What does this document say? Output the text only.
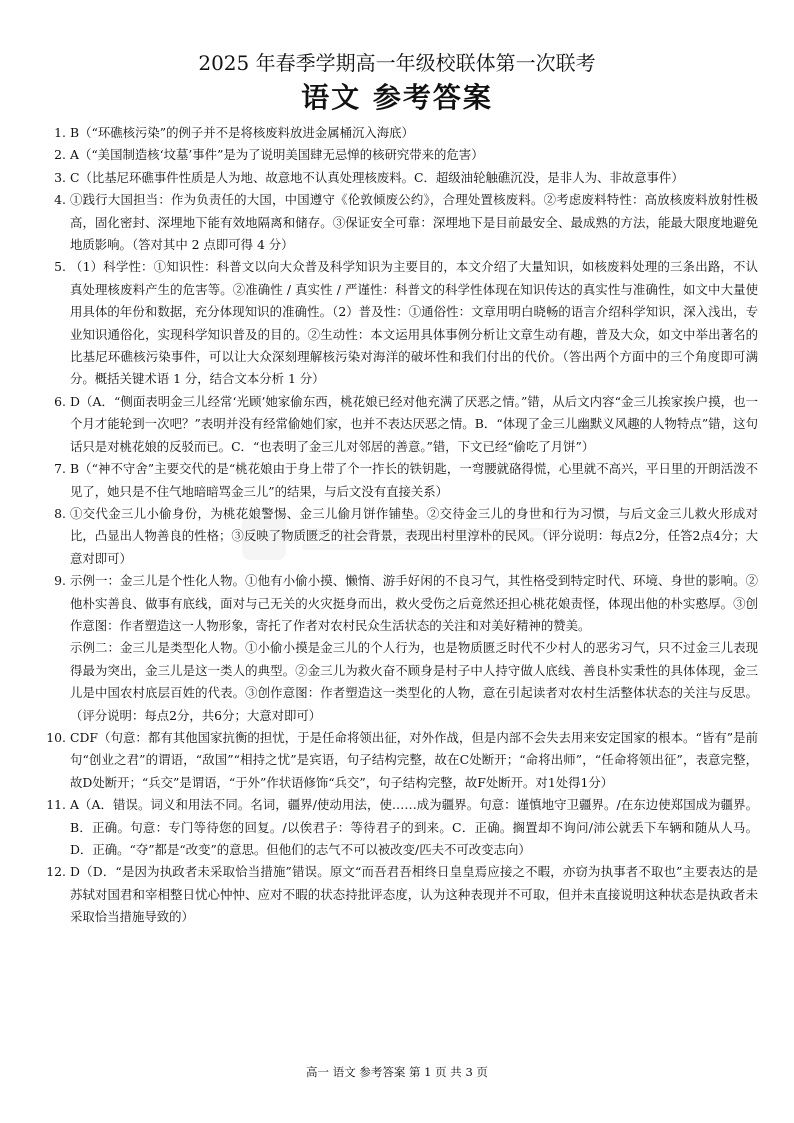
2025 年春季学期高一年级校联体第一次联考
语文 参考答案
1. B（“环礁核污染”的例子并不是将核废料放进金属桶沉入海底）
2. A（“美国制造核‘坟墓’事件”是为了说明美国肆无忌惮的核研究带来的危害）
3. C（比基尼环礁事件性质是人为地、故意地不认真处理核废料。C．超级油轮触礁沉没，是非人为、非故意事件）
4. ①践行大国担当：作为负责任的大国，中国遵守《伦敦倾废公约》，合理处置核废料。②考虑废料特性：高放核废料放射性极高，固化密封、深埋地下能有效地隔离和储存。③保证安全可靠：深埋地下是目前最安全、最成熟的方法，能最大限度地避免地质影响。（答对其中 2 点即可得 4 分）
5. （1）科学性：①知识性：科普文以向大众普及科学知识为主要目的，本文介绍了大量知识，如核废料处理的三条出路，不认真处理核废料产生的危害等。②准确性 / 真实性 / 严谨性：科普文的科学性体现在知识传达的真实性与准确性，如文中大量使用具体的年份和数据，充分体现知识的准确性。（2）普及性：①通俗性：文章用明白晓畅的语言介绍科学知识，深入浅出，专业知识通俗化，实现科学知识普及的目的。②生动性：本文运用具体事例分析让文章生动有趣，普及大众，如文中举出著名的比基尼环礁核污染事件，可以让大众深刻理解核污染对海洋的破坏性和我们付出的代价。（答出两个方面中的三个角度即可满分。概括关键术语 1 分，结合文本分析 1 分）
6. D（A．“侧面表明金三儿经常‘光顾’她家偷东西，桃花娘已经对他充满了厌恶之情。”错，从后文内容“金三儿挨家挨户摸，也一个月才能轮到一次吧？”表明并没有经常偷她们家，也并不表达厌恶之情。B．“体现了金三儿幽默义风趣的人物特点”错，这句话只是对桃花娘的反驳而已。C．“也表明了金三儿对邻居的善意。”错，下文已经“偷吃了月饼”）
7. B（“神不守舍”主要交代的是“桃花娘由于身上带了个一拃长的铁钥匙，一弯腰就硌得慌，心里就不高兴，平日里的开朗活泼不见了，她只是不住气地暗暗骂金三儿”的结果，与后文没有直接关系）
8. ①交代金三儿小偷身份，为桃花娘警惕、金三儿偷月饼作铺垫。②交待金三儿的身世和行为习惯，与后文金三儿救火形成对比，凸显出人物善良的性格；③反映了物质匮乏的社会背景，表现出村里淳朴的民风。（评分说明：每点2分，任答2点4分；大意对即可）
9. 示例一：金三儿是个性化人物。①他有小偷小摸、懒惰、游手好闲的不良习气，其性格受到特定时代、环境、身世的影响。②他朴实善良、做事有底线，面对与己无关的火灾挺身而出，救火受伤之后竟然还担心桃花娘责怪，体现出他的朴实憨厚。③创作意图：作者塑造这一人物形象，寄托了作者对农村民众生活状态的关注和对美好精神的赞美。

示例二：金三儿是类型化人物。①小偷小摸是金三儿的个人行为，也是物质匮乏时代不少村人的恶劣习气，只不过金三儿表现得最为突出，金三儿是这一类人的典型。②金三儿为救火奋不顾身是村子中人持守做人底线、善良朴实秉性的具体体现，金三儿是中国农村底层百姓的代表。③创作意图：作者塑造这一类型化的人物，意在引起读者对农村生活整体状态的关注与反思。（评分说明：每点2分，共6分；大意对即可）

10. CDF（句意：都有其他国家抗衡的担忧，于是任命将领出征，对外作战，但是内部不会失去用来安定国家的根本。“皆有”是前句“创业之君”的谓语，“敌国”“相持之忧”是宾语，句子结构完整，故在C处断开；“命将出师”，“任命将领出征”，表意完整，故D处断开；“兵交”是谓语，“于外”作状语修饰“兵交”，句子结构完整，故F处断开。对1处得1分）
11. A（A．错误。词义和用法不同。名词，疆界/使动用法，使……成为疆界。句意：谨慎地守卫疆界。/在东边使郑国成为疆界。B．正确。句意：专门等待您的回复。/以俟君子：等待君子的到来。C．正确。搁置却不询问/沛公就丢下车辆和随从人马。D．正确。“夺”都是“改变”的意思。但他们的志气不可以被改变/匹夫不可改变志向）
12. D（D．“是因为执政者未采取恰当措施”错误。原文“而吾君吾相终日皇皇焉应接之不暇，亦窃为执事者不取也”主要表达的是苏轼对国君和宰相整日忧心忡忡、应对不暇的状态持批评态度，认为这种表现并不可取，但并未直接说明这种状态是执政者未采取恰当措施导致的）
高一 语文 参考答案 第 1 页 共 3 页
